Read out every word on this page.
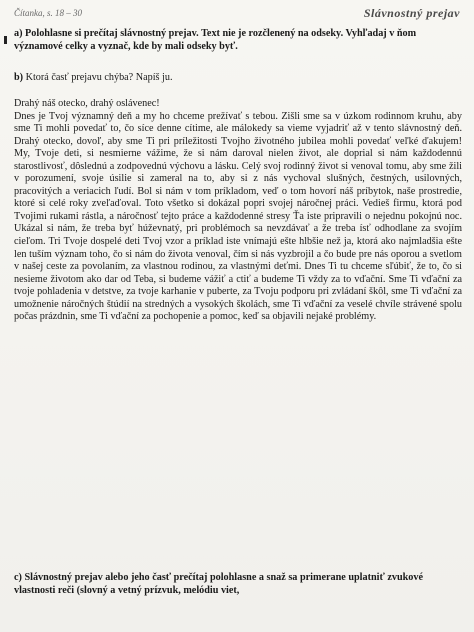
Čítanka, s. 18 – 30	Slávnostný prejav
a) Polohlasne si prečítaj slávnostný prejav. Text nie je rozčlenený na odseky. Vyhľadaj v ňom významové celky a vyznač, kde by mali odseky byť.
b) Ktorá časť prejavu chýba? Napíš ju.

Drahý náš otecko, drahý oslávenec!

Dnes je Tvoj významný deň a my ho chceme prežívať s tebou. Zišli sme sa v úzkom rodinnom kruhu, aby sme Ti mohli povedať to, čo síce denne cítime, ale málokedy sa vieme vyjadriť až v tento slávnostný deň. Drahý otecko, dovoľ, aby sme Ti pri príležitosti Tvojho životného jubilea mohli povedať veľké ďakujem! My, Tvoje deti, si nesmierne vážime, že si nám daroval nielen život, ale doprial si nám každodennú starostlivosť, dôslednú a zodpovednú výchovu a lásku. Celý svoj rodinný život si venoval tomu, aby sme žili v porozumení, svoje úsilie si zameral na to, aby si z nás vychoval slušných, čestných, usilovných, pracovitých a veriacich ľudí. Bol si nám v tom príkladom, veď o tom hovorí náš príbytok, naše prostredie, ktoré si celé roky zveľaďoval. Toto všetko si dokázal popri svojej náročnej práci. Vedieš firmu, ktorá pod Tvojimi rukami rástla, a náročnosť tejto práce a každodenné stresy Ťa iste pripravili o nejednu pokojnú noc. Ukázal si nám, že treba byť húževnatý, pri problémoch sa nevzdávať a že treba ísť odhodlane za svojím cieľom. Tri Tvoje dospelé deti Tvoj vzor a príklad iste vnímajú ešte hlbšie než ja, ktorá ako najmladšia ešte len tuším význam toho, čo si nám do života venoval, čím si nás vyzbrojil a čo bude pre nás oporou a svetlom v našej ceste za povolaním, za vlastnou rodinou, za vlastnými deťmi. Dnes Ti tu chceme sľúbiť, že to, čo si nesieme životom ako dar od Teba, si budeme vážiť a ctiť a budeme Ti vždy za to vďační. Sme Ti vďační za tvoje pohladenia v detstve, za tvoje karhanie v puberte, za Tvoju podporu pri zvládaní škôl, sme Ti vďační za umožnenie náročných štúdií na stredných a vysokých školách, sme Ti vďační za veselé chvíle strávené spolu počas prázdnin, sme Ti vďační za pochopenie a pomoc, keď sa objavili nejaké problémy.

c) Slávnostný prejav alebo jeho časť prečítaj polohlasne a snaž sa primerane uplatniť zvukové vlastnosti reči (slovný a vetný prízvuk, melódiu viet,
